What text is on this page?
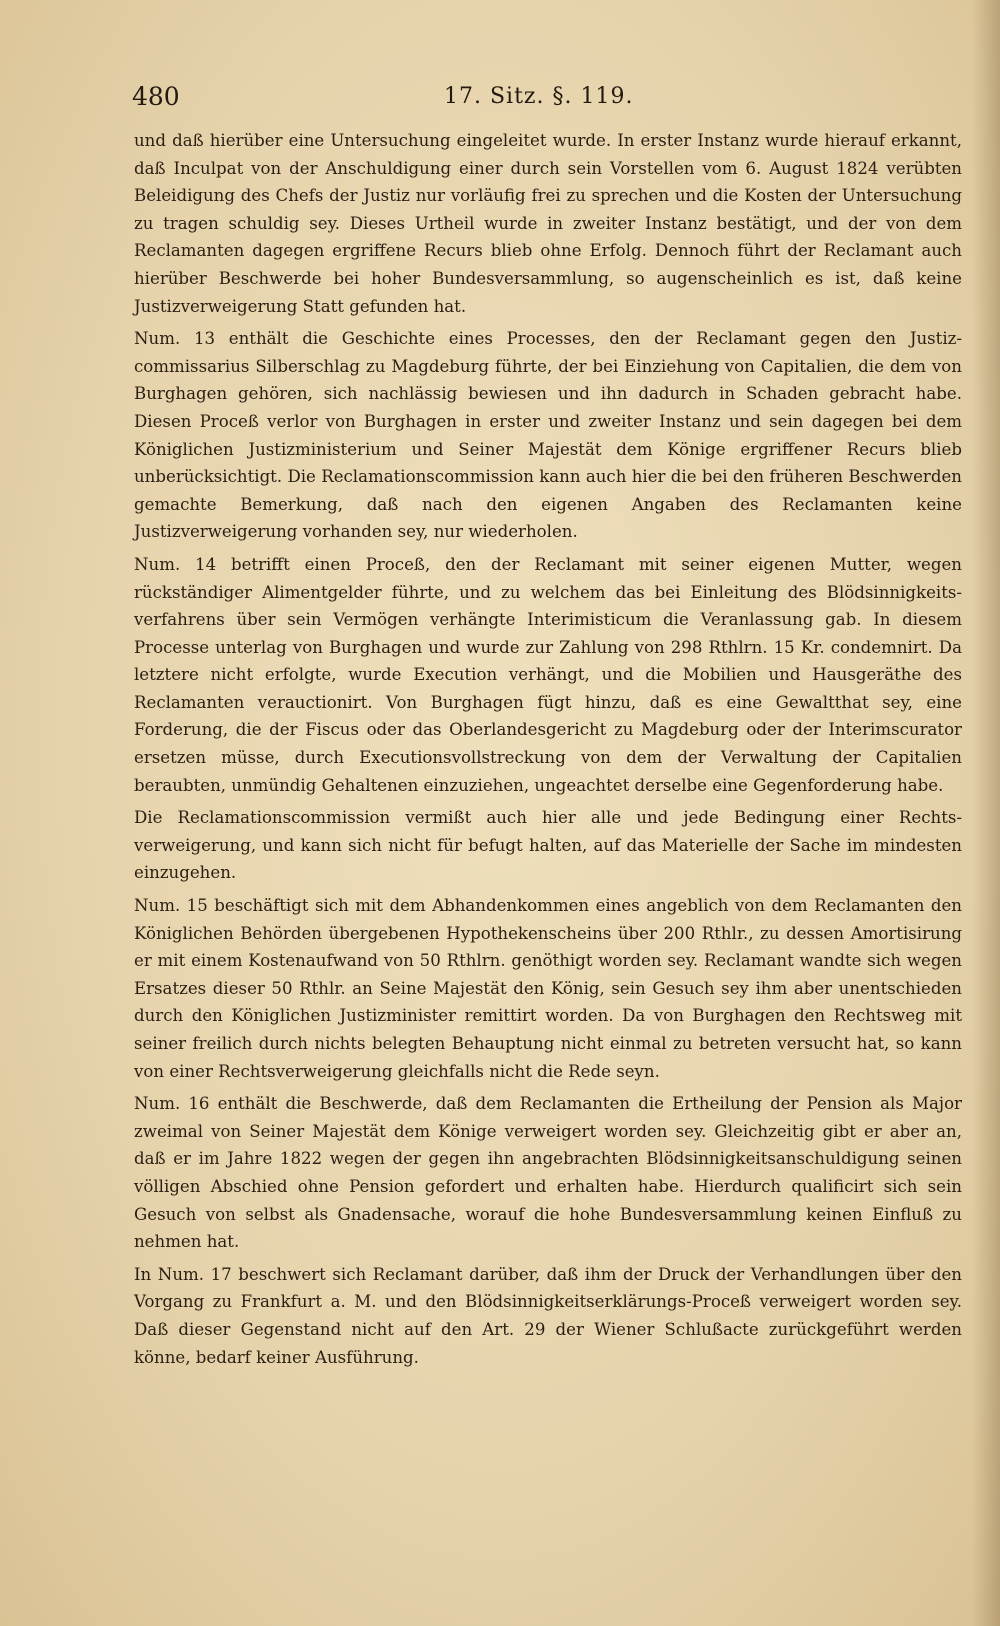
480	17. Sitz. §. 119.

und daß hierüber eine Untersuchung eingeleitet wurde. In erster Instanz wurde hierauf erkannt, daß Inculpat von der Anschuldigung einer durch sein Vorstellen vom 6. August 1824 verübten Beleidigung des Chefs der Justiz nur vorläufig frei zu sprechen und die Kosten der Untersuchung zu tragen schuldig sey. Dieses Urtheil wurde in zweiter Instanz bestätigt, und der von dem Reclamanten dagegen ergriffene Recurs blieb ohne Erfolg. Dennoch führt der Reclamant auch hierüber Beschwerde bei hoher Bundesversammlung, so augenscheinlich es ist, daß keine Justizverweigerung Statt gefunden hat.

Num. 13 enthält die Geschichte eines Processes, den der Reclamant gegen den Justiz-commissarius Silberschlag zu Magdeburg führte, der bei Einziehung von Capitalien, die dem von Burghagen gehören, sich nachlässig bewiesen und ihn dadurch in Schaden gebracht habe. Diesen Proceß verlor von Burghagen in erster und zweiter Instanz und sein dagegen bei dem Königlichen Justizministerium und Seiner Majestät dem Könige ergriffener Recurs blieb unberücksichtigt. Die Reclamationscommission kann auch hier die bei den früheren Beschwerden gemachte Bemerkung, daß nach den eigenen Angaben des Reclamanten keine Justizverweigerung vorhanden sey, nur wiederholen.

Num. 14 betrifft einen Proceß, den der Reclamant mit seiner eigenen Mutter, wegen rückständiger Alimentgelder führte, und zu welchem das bei Einleitung des Blödsinnigkeits-verfahrens über sein Vermögen verhängte Interimisticum die Veranlassung gab. In diesem Processe unterlag von Burghagen und wurde zur Zahlung von 298 Rthlrn. 15 Kr. condemnirt. Da letztere nicht erfolgte, wurde Execution verhängt, und die Mobilien und Hausgeräthe des Reclamanten verauctionirt. Von Burghagen fügt hinzu, daß es eine Gewaltthat sey, eine Forderung, die der Fiscus oder das Oberlandesgericht zu Magdeburg oder der Interimscurator ersetzen müsse, durch Executionsvollstreckung von dem der Verwaltung der Capitalien beraubten, unmündig Gehaltenen einzuziehen, ungeachtet derselbe eine Gegenforderung habe.

Die Reclamationscommission vermißt auch hier alle und jede Bedingung einer Rechts-verweigerung, und kann sich nicht für befugt halten, auf das Materielle der Sache im mindesten einzugehen.

Num. 15 beschäftigt sich mit dem Abhandenkommen eines angeblich von dem Reclamanten den Königlichen Behörden übergebenen Hypothekenscheins über 200 Rthlr., zu dessen Amortisirung er mit einem Kostenaufwand von 50 Rthlrn. genöthigt worden sey. Reclamant wandte sich wegen Ersatzes dieser 50 Rthlr. an Seine Majestät den König, sein Gesuch sey ihm aber unentschieden durch den Königlichen Justizminister remittirt worden. Da von Burghagen den Rechtsweg mit seiner freilich durch nichts belegten Behauptung nicht einmal zu betreten versucht hat, so kann von einer Rechtsverweigerung gleichfalls nicht die Rede seyn.

Num. 16 enthält die Beschwerde, daß dem Reclamanten die Ertheilung der Pension als Major zweimal von Seiner Majestät dem Könige verweigert worden sey. Gleichzeitig gibt er aber an, daß er im Jahre 1822 wegen der gegen ihn angebrachten Blödsinnigkeitsanschuldigung seinen völligen Abschied ohne Pension gefordert und erhalten habe. Hierdurch qualificirt sich sein Gesuch von selbst als Gnadensache, worauf die hohe Bundesversammlung keinen Einfluß zu nehmen hat.

In Num. 17 beschwert sich Reclamant darüber, daß ihm der Druck der Verhandlungen über den Vorgang zu Frankfurt a. M. und den Blödsinnigkeitserklärungs-Proceß verweigert worden sey. Daß dieser Gegenstand nicht auf den Art. 29 der Wiener Schlußacte zurückgeführt werden könne, bedarf keiner Ausführung.
